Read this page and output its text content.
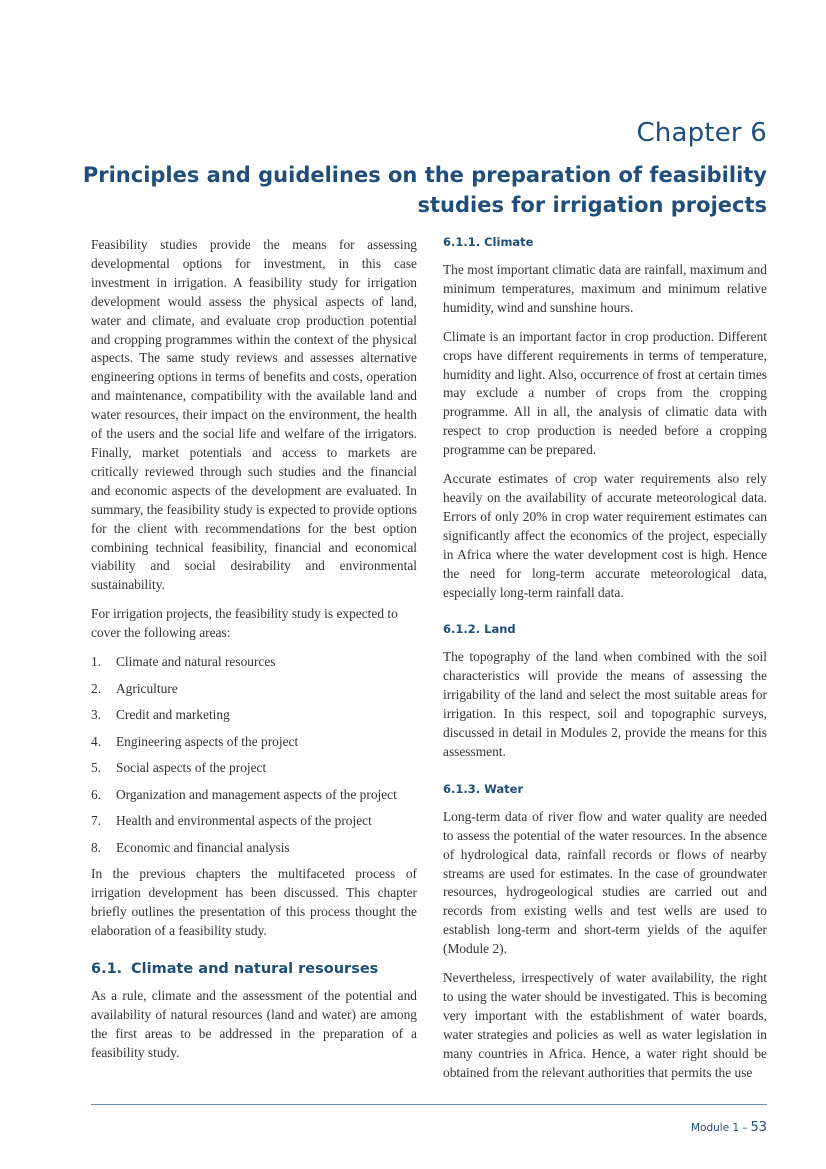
Chapter 6
Principles and guidelines on the preparation of feasibility
studies for irrigation projects

Feasibility studies provide the means for assessing developmental options for investment, in this case investment in irrigation. A feasibility study for irrigation development would assess the physical aspects of land, water and climate, and evaluate crop production potential and cropping programmes within the context of the physical aspects. The same study reviews and assesses alternative engineering options in terms of benefits and costs, operation and maintenance, compatibility with the available land and water resources, their impact on the environment, the health of the users and the social life and welfare of the irrigators. Finally, market potentials and access to markets are critically reviewed through such studies and the financial and economic aspects of the development are evaluated. In summary, the feasibility study is expected to provide options for the client with recommendations for the best option combining technical feasibility, financial and economical viability and social desirability and environmental sustainability.

For irrigation projects, the feasibility study is expected to cover the following areas:

1. Climate and natural resources
2. Agriculture
3. Credit and marketing
4. Engineering aspects of the project
5. Social aspects of the project
6. Organization and management aspects of the project
7. Health and environmental aspects of the project
8. Economic and financial analysis

In the previous chapters the multifaceted process of irrigation development has been discussed. This chapter briefly outlines the presentation of this process thought the elaboration of a feasibility study.

6.1. Climate and natural resourses

As a rule, climate and the assessment of the potential and availability of natural resources (land and water) are among the first areas to be addressed in the preparation of a feasibility study.

6.1.1. Climate

The most important climatic data are rainfall, maximum and minimum temperatures, maximum and minimum relative humidity, wind and sunshine hours.

Climate is an important factor in crop production. Different crops have different requirements in terms of temperature, humidity and light. Also, occurrence of frost at certain times may exclude a number of crops from the cropping programme. All in all, the analysis of climatic data with respect to crop production is needed before a cropping programme can be prepared.

Accurate estimates of crop water requirements also rely heavily on the availability of accurate meteorological data. Errors of only 20% in crop water requirement estimates can significantly affect the economics of the project, especially in Africa where the water development cost is high. Hence the need for long-term accurate meteorological data, especially long-term rainfall data.

6.1.2. Land

The topography of the land when combined with the soil characteristics will provide the means of assessing the irrigability of the land and select the most suitable areas for irrigation. In this respect, soil and topographic surveys, discussed in detail in Modules 2, provide the means for this assessment.

6.1.3. Water

Long-term data of river flow and water quality are needed to assess the potential of the water resources. In the absence of hydrological data, rainfall records or flows of nearby streams are used for estimates. In the case of groundwater resources, hydrogeological studies are carried out and records from existing wells and test wells are used to establish long-term and short-term yields of the aquifer (Module 2).

Nevertheless, irrespectively of water availability, the right to using the water should be investigated. This is becoming very important with the establishment of water boards, water strategies and policies as well as water legislation in many countries in Africa. Hence, a water right should be obtained from the relevant authorities that permits the use

Module 1 – 53
